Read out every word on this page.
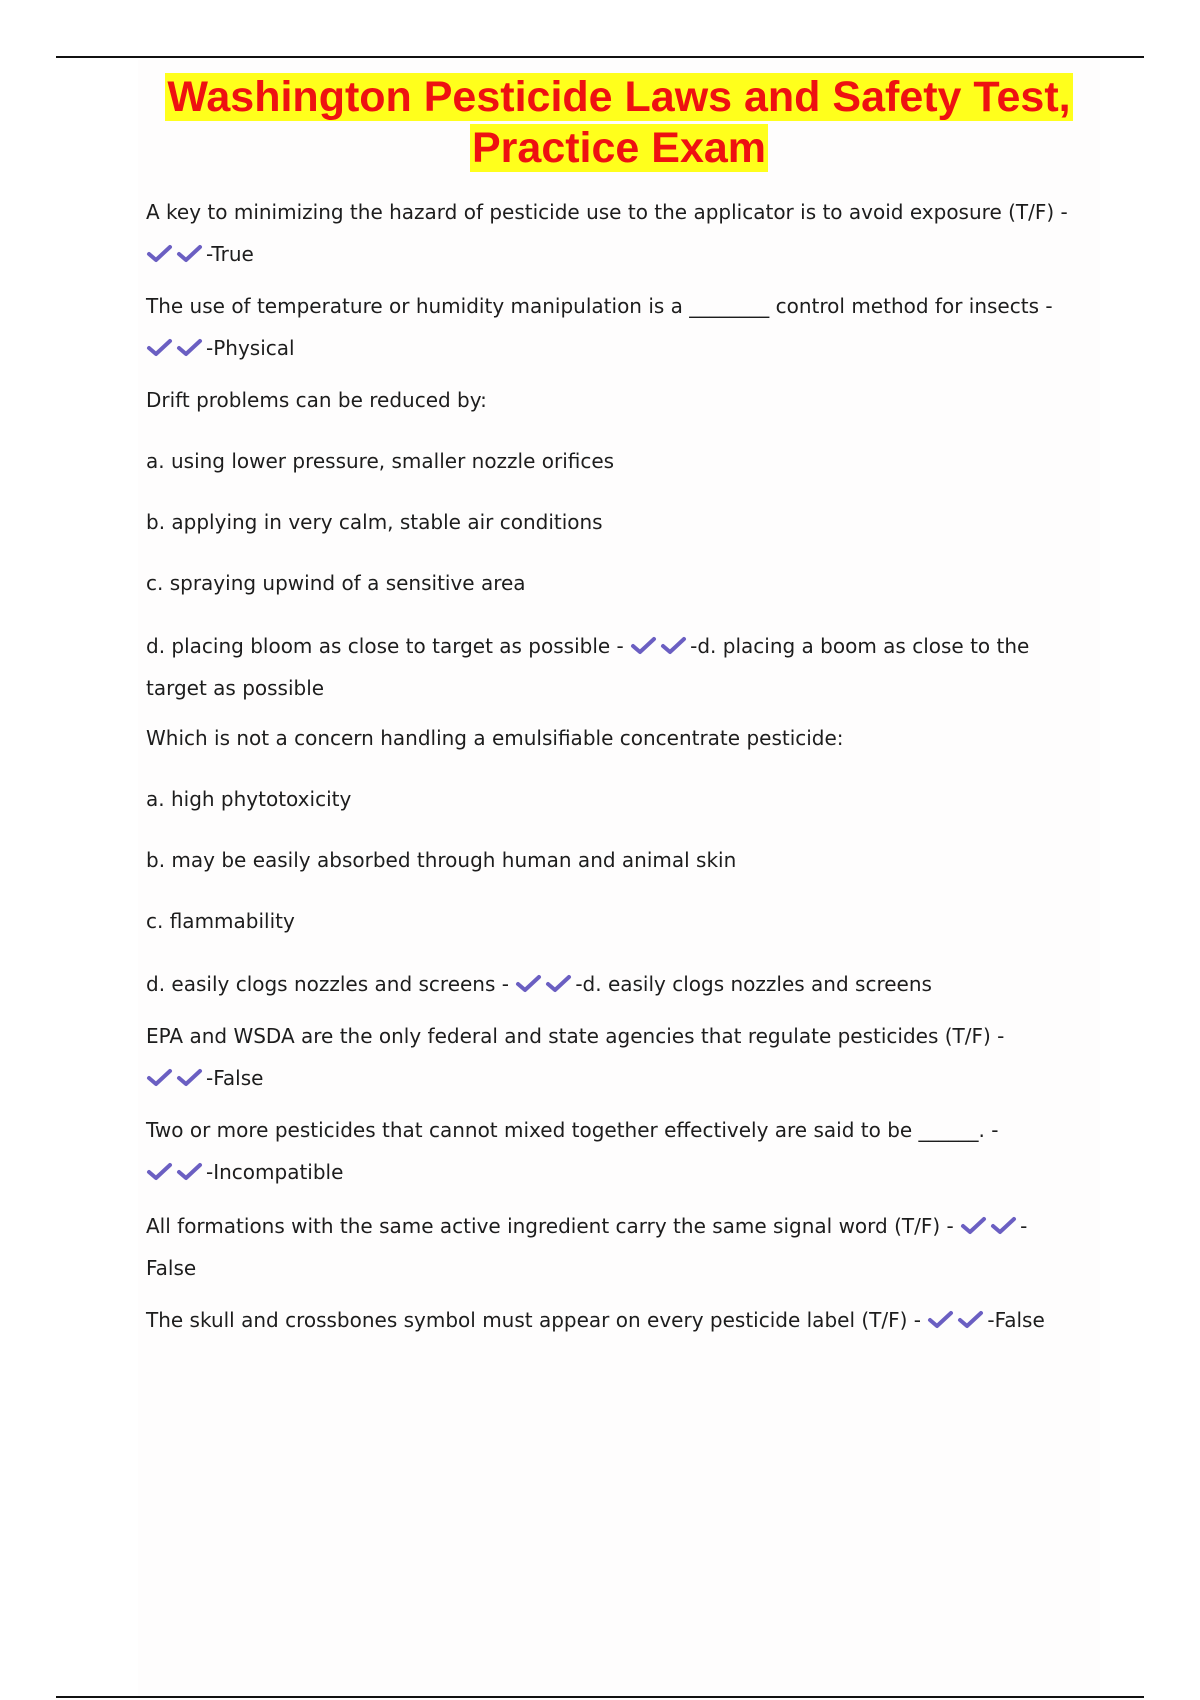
Washington Pesticide Laws and Safety Test,
Practice Exam
A key to minimizing the hazard of pesticide use to the applicator is to avoid exposure (T/F) -
-True
The use of temperature or humidity manipulation is a ________ control method for insects -
-Physical
Drift problems can be reduced by:
a. using lower pressure, smaller nozzle orifices
b. applying in very calm, stable air conditions
c. spraying upwind of a sensitive area
d. placing bloom as close to target as possible -	-d. placing a boom as close to the
target as possible
Which is not a concern handling a emulsifiable concentrate pesticide:
a. high phytotoxicity
b. may be easily absorbed through human and animal skin
c. flammability
d. easily clogs nozzles and screens -	-d. easily clogs nozzles and screens
EPA and WSDA are the only federal and state agencies that regulate pesticides (T/F) -
-False
Two or more pesticides that cannot mixed together effectively are said to be ______. -
-Incompatible
All formations with the same active ingredient carry the same signal word (T/F) -	-
False
The skull and crossbones symbol must appear on every pesticide label (T/F) -	-False
